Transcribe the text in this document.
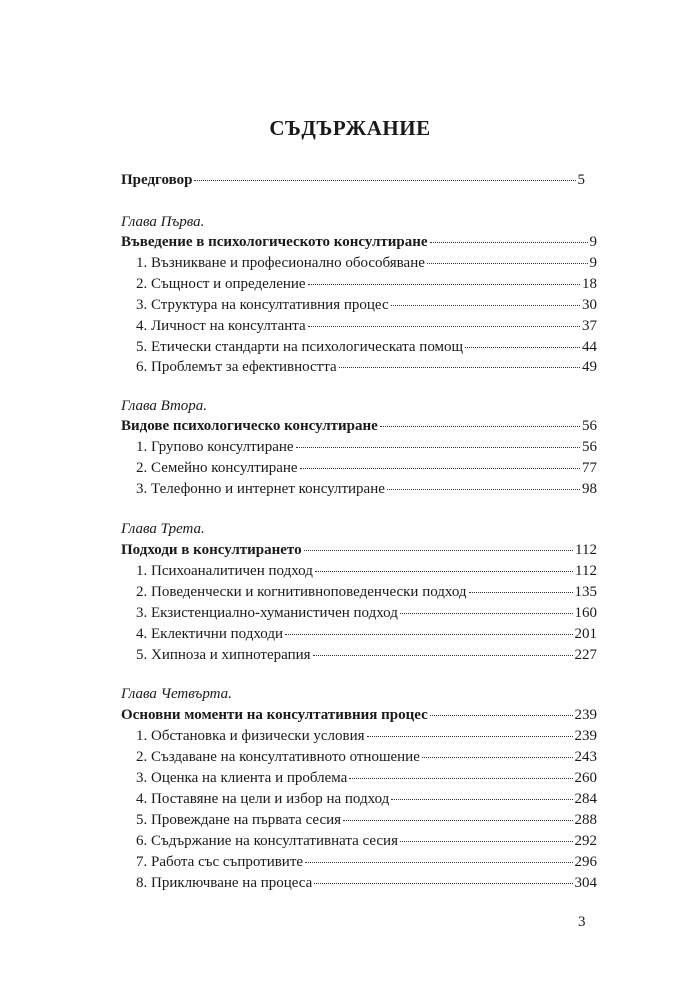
СЪДЪРЖАНИЕ
Предговор	5
Глава Първа.
Въведение в психологическото консултиране	9
1. Възникване и професионално обособяване	9
2. Същност и определение	18
3. Структура на консултативния процес	30
4. Личност на консултанта	37
5. Етически стандарти на психологическата помощ	44
6. Проблемът за ефективността	49
Глава Втора.
Видове психологическо консултиране	56
1. Групово консултиране	56
2. Семейно консултиране	77
3. Телефонно и интернет консултиране	98
Глава Трета.
Подходи в консултирането	112
1. Психоаналитичен подход	112
2. Поведенчески и когнитивноповеденчески подход	135
3. Екзистенциално-хуманистичен подход	160
4. Еклектични подходи	201
5. Хипноза и хипнотерапия	227
Глава Четвърта.
Основни моменти на консултативния процес	239
1. Обстановка и физически условия	239
2. Създаване на консултативното отношение	243
3. Оценка на клиента и проблема	260
4. Поставяне на цели и избор на подход	284
5. Провеждане на първата сесия	288
6. Съдържание на консултативната сесия	292
7. Работа със съпротивите	296
8. Приключване на процеса	304
3
